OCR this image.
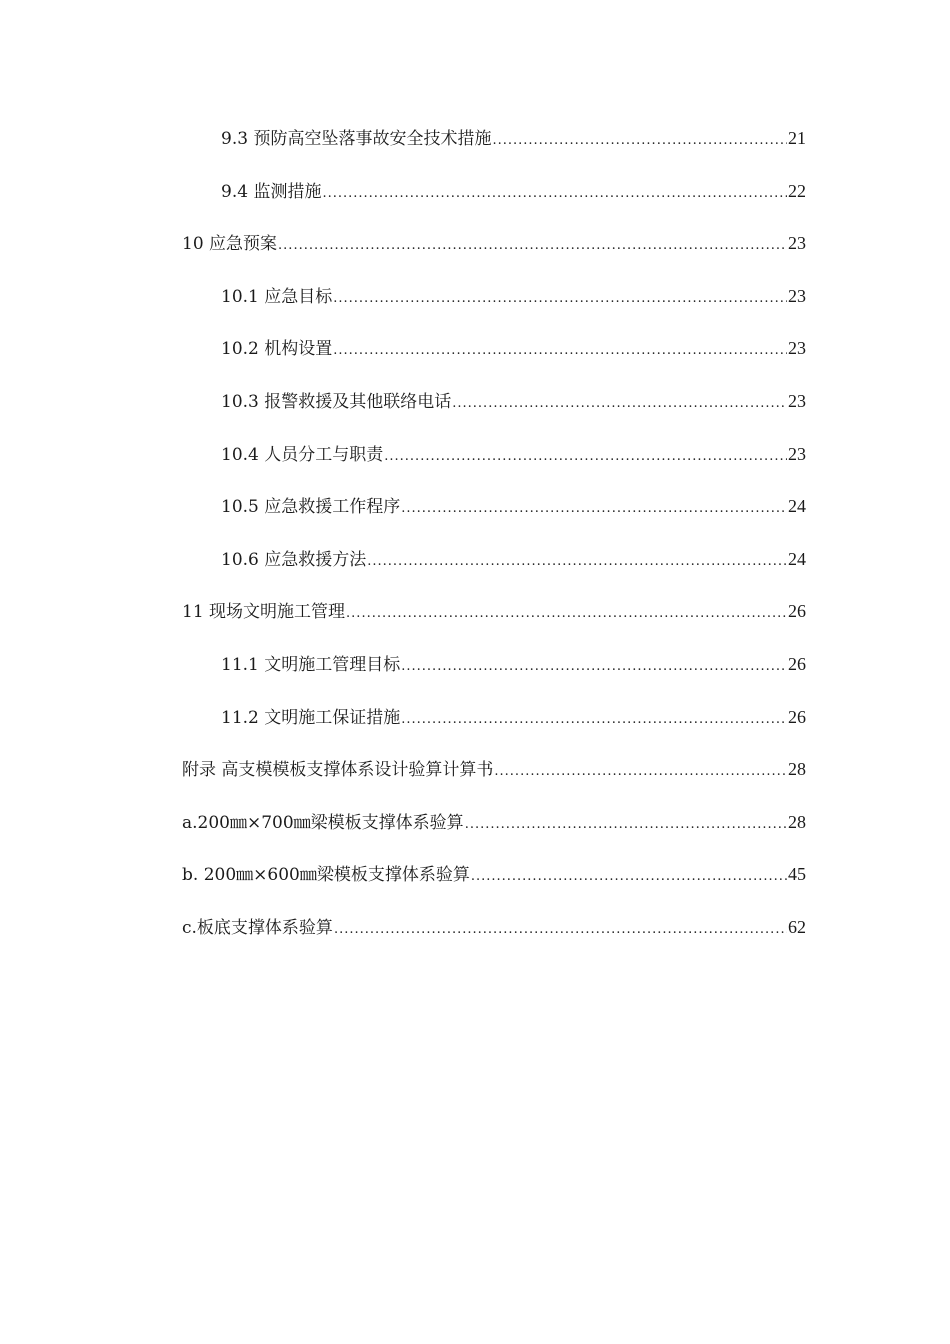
9.3 预防高空坠落事故安全技术措施 .....	21
9.4 监测措施 .....	22
10 应急预案 .....	23
10.1 应急目标 .....	23
10.2 机构设置 .....	23
10.3 报警救援及其他联络电话 .....	23
10.4 人员分工与职责 .....	23
10.5 应急救援工作程序 .....	24
10.6 应急救援方法 .....	24
11 现场文明施工管理 .....	26
11.1 文明施工管理目标 .....	26
11.2 文明施工保证措施 .....	26
附录 高支模模板支撑体系设计验算计算书 .....	28
a.200㎜×700㎜梁模板支撑体系验算 .....	28
b. 200㎜×600㎜梁模板支撑体系验算 .....	45
c.板底支撑体系验算 .....	62
